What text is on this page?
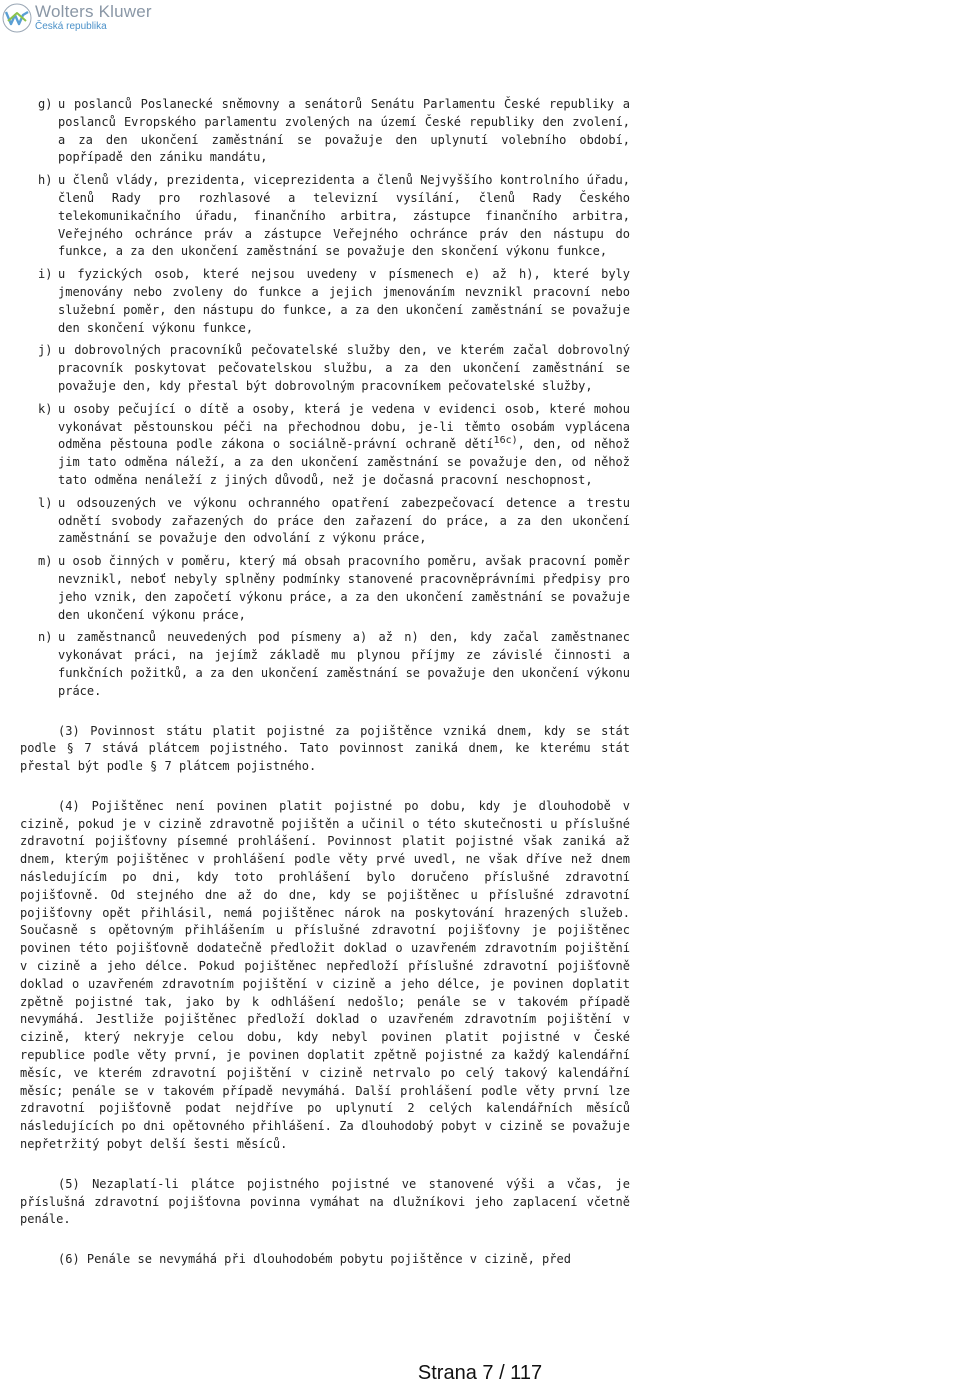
Wolters Kluwer
Česká republika
g) u poslanců Poslanecké sněmovny a senátorů Senátu Parlamentu České republiky a poslanců Evropského parlamentu zvolených na území České republiky den zvolení, a za den ukončení zaměstnání se považuje den uplynutí volebního období, popřípadě den zániku mandátu,
h) u členů vlády, prezidenta, viceprezidenta a členů Nejvyššího kontrolního úřadu, členů Rady pro rozhlasové a televizní vysílání, členů Rady Českého telekomunikačního úřadu, finančního arbitra, zástupce finančního arbitra, Veřejného ochránce práv a zástupce Veřejného ochránce práv den nástupu do funkce, a za den ukončení zaměstnání se považuje den skončení výkonu funkce,
i) u fyzických osob, které nejsou uvedeny v písmenech e) až h), které byly jmenovány nebo zvoleny do funkce a jejich jmenováním nevznikl pracovní nebo služební poměr, den nástupu do funkce, a za den ukončení zaměstnání se považuje den skončení výkonu funkce,
j) u dobrovolných pracovníků pečovatelské služby den, ve kterém začal dobrovolný pracovník poskytovat pečovatelskou službu, a za den ukončení zaměstnání se považuje den, kdy přestal být dobrovolným pracovníkem pečovatelské služby,
k) u osoby pečující o dítě a osoby, která je vedena v evidenci osob, které mohou vykonávat pěstounskou péči na přechodnou dobu, je-li těmto osobám vyplácena odměna pěstouna podle zákona o sociálně-právní ochraně dětí$^{16c)}$, den, od něhož jim tato odměna náleží, a za den ukončení zaměstnání se považuje den, od něhož tato odměna nenáleží z jiných důvodů, než je dočasná pracovní neschopnost,
l) u odsouzených ve výkonu ochranného opatření zabezpečovací detence a trestu odnětí svobody zařazených do práce den zařazení do práce, a za den ukončení zaměstnání se považuje den odvolání z výkonu práce,
m) u osob činných v poměru, který má obsah pracovního poměru, avšak pracovní poměr nevznikl, neboť nebyly splněny podmínky stanovené pracovněprávními předpisy pro jeho vznik, den započetí výkonu práce, a za den ukončení zaměstnání se považuje den ukončení výkonu práce,
n) u zaměstnanců neuvedených pod písmeny a) až n) den, kdy začal zaměstnanec vykonávat práci, na jejímž základě mu plynou příjmy ze závislé činnosti a funkčních požitků, a za den ukončení zaměstnání se považuje den ukončení výkonu práce.
(3) Povinnost státu platit pojistné za pojištěnce vzniká dnem, kdy se stát podle § 7 stává plátcem pojistného. Tato povinnost zaniká dnem, ke kterému stát přestal být podle § 7 plátcem pojistného.
(4) Pojištěnec není povinen platit pojistné po dobu, kdy je dlouhodobě v cizině, pokud je v cizině zdravotně pojištěn a učinil o této skutečnosti u příslušné zdravotní pojišťovny písemné prohlášení. Povinnost platit pojistné však zaniká až dnem, kterým pojištěnec v prohlášení podle věty prvé uvedl, ne však dříve než dnem následujícím po dni, kdy toto prohlášení bylo doručeno příslušné zdravotní pojišťovně. Od stejného dne až do dne, kdy se pojištěnec u příslušné zdravotní pojišťovny opět přihlásil, nemá pojištěnec nárok na poskytování hrazených služeb. Současně s opětovným přihlášením u příslušné zdravotní pojišťovny je pojištěnec povinen této pojišťovně dodatečně předložit doklad o uzavřeném zdravotním pojištění v cizině a jeho délce. Pokud pojištěnec nepředloží příslušné zdravotní pojišťovně doklad o uzavřeném zdravotním pojištění v cizině a jeho délce, je povinen doplatit zpětně pojistné tak, jako by k odhlášení nedošlo; penále se v takovém případě nevymáhá. Jestliže pojištěnec předloží doklad o uzavřeném zdravotním pojištění v cizině, který nekryje celou dobu, kdy nebyl povinen platit pojistné v České republice podle věty první, je povinen doplatit zpětně pojistné za každý kalendářní měsíc, ve kterém zdravotní pojištění v cizině netrvalo po celý takový kalendářní měsíc; penále se v takovém případě nevymáhá. Další prohlášení podle věty první lze zdravotní pojišťovně podat nejdříve po uplynutí 2 celých kalendářních měsíců následujících po dni opětovného přihlášení. Za dlouhodobý pobyt v cizině se považuje nepřetržitý pobyt delší šesti měsíců.
(5) Nezaplatí-li plátce pojistného pojistné ve stanovené výši a včas, je příslušná zdravotní pojišťovna povinna vymáhat na dlužníkovi jeho zaplacení včetně penále.
(6) Penále se nevymáhá při dlouhodobém pobytu pojištěnce v cizině, před
Strana 7 / 117
